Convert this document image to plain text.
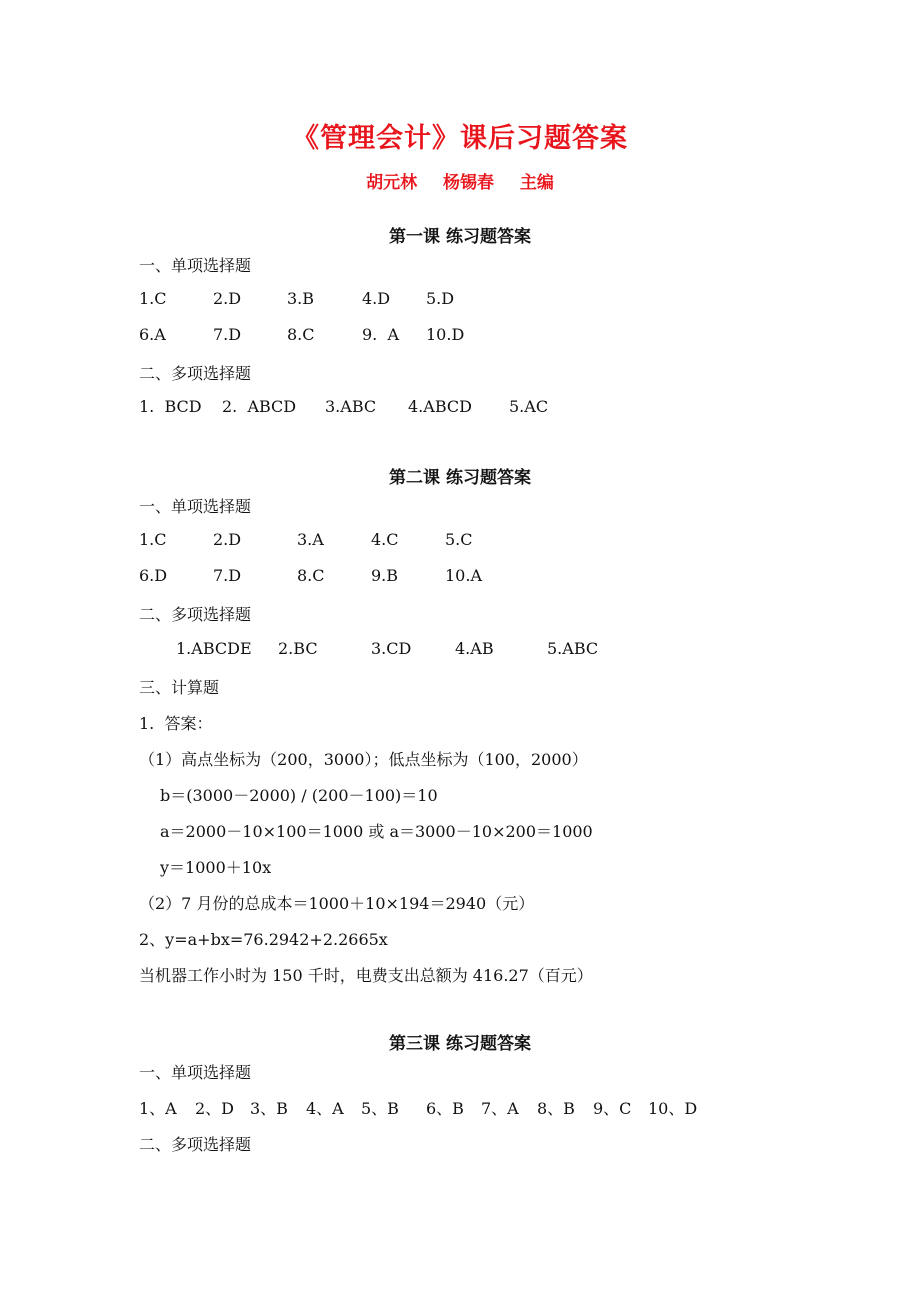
《管理会计》课后习题答案
胡元林 杨锡春 主编
第一课 练习题答案
一、单项选择题

1.C

	2.D

	3.B

	4.D

5.D

6.A

	7.D

	8.C

	9.  A

10.D

二、多项选择题

1.  BCD

2.  ABCD

3.ABC

4.ABCD

5.AC

第二课 练习题答案
一、单项选择题

1.C

	2.D

	3.A

	4.C

	5.C

6.D

	7.D

	8.C

	9.B

	10.A

二、多项选择题

1.ABCDE

2.BC

	3.CD

	4.AB

	5.ABC

三、计算题
1.  答案：
（1）高点坐标为（200，3000）；低点坐标为（100，2000）
b＝(3000－2000) / (200－100)＝10
a＝2000－10×100＝1000 或 a＝3000－10×200＝1000
y＝1000＋10x
（2）7 月份的总成本＝1000＋10×194＝2940（元）
2、y=a+bx=76.2942+2.2665x
当机器工作小时为 150 千时，电费支出总额为 416.27（百元）
第三课 练习题答案
一、单项选择题

1、A

2、D

3、B

4、A

5、B

6、B

7、A

8、B

9、C

10、D

二、多项选择题
